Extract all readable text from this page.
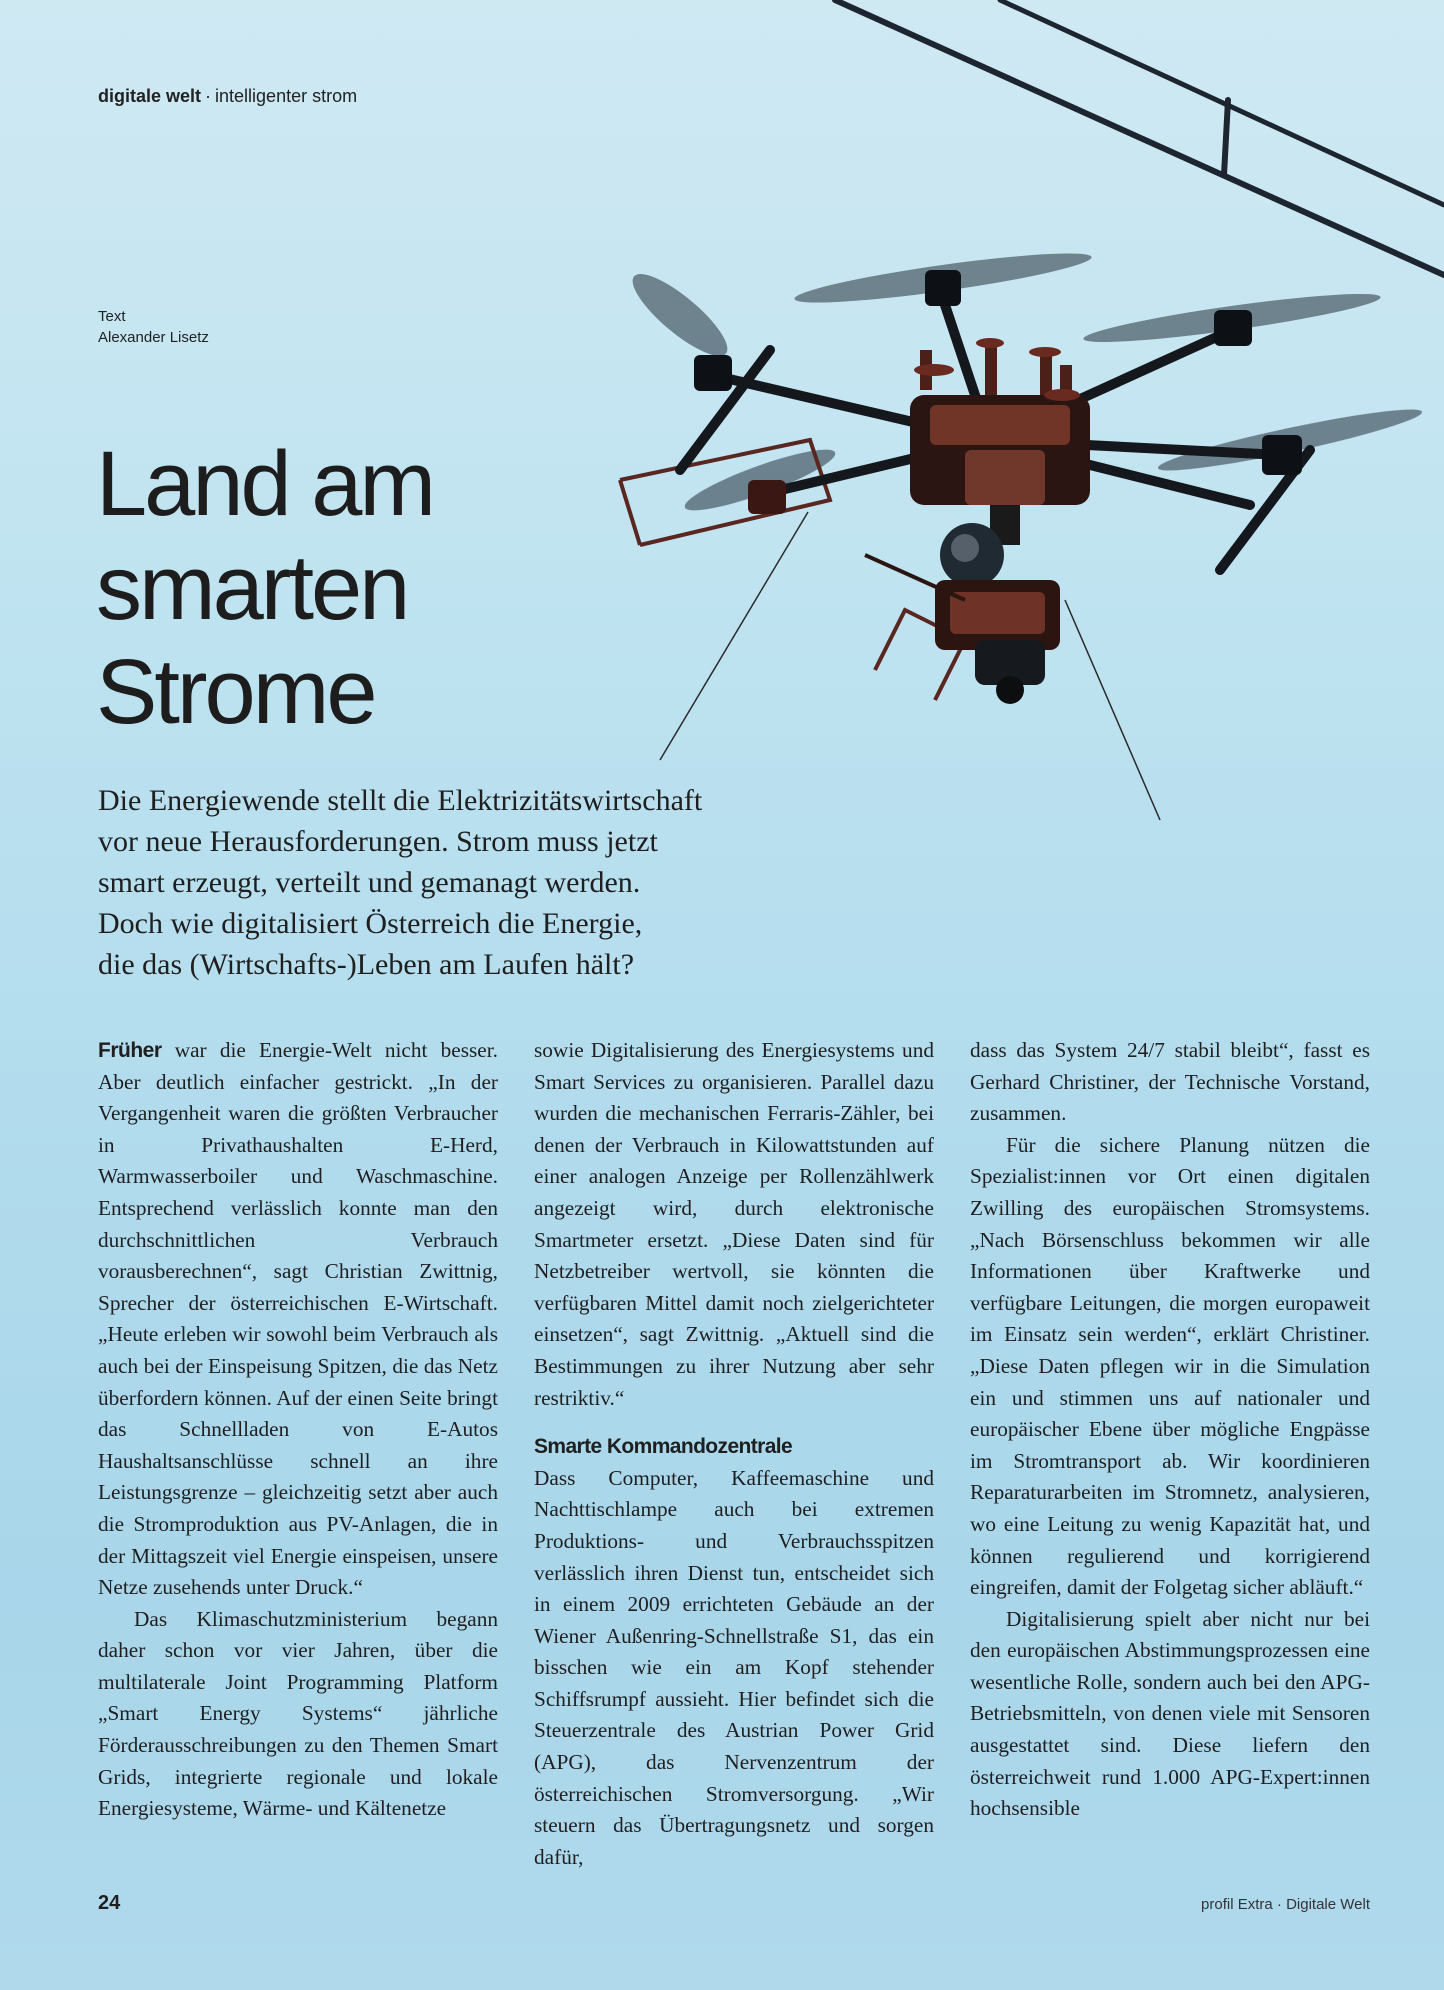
digitale welt · intelligenter strom
Text
Alexander Lisetz
Land am
smarten
Strome

Die Energiewende stellt die Elektrizitätswirtschaft
vor neue Herausforderungen. Strom muss jetzt
smart erzeugt, verteilt und gemanagt werden.
Doch wie digitalisiert Österreich die Energie,
die das (Wirtschafts-)Leben am Laufen hält?

Früher war die Energie-Welt nicht besser. Aber deutlich einfacher gestrickt. „In der Vergangenheit waren die größten Verbraucher in Privathaushalten E-Herd, Warmwasserboiler und Waschmaschine. Entsprechend verlässlich konnte man den durchschnittlichen Verbrauch vorausberechnen“, sagt Christian Zwittnig, Sprecher der österreichischen E-Wirtschaft. „Heute erleben wir sowohl beim Verbrauch als auch bei der Einspeisung Spitzen, die das Netz überfordern können. Auf der einen Seite bringt das Schnellladen von E-Autos Haushaltsanschlüsse schnell an ihre Leistungsgrenze – gleichzeitig setzt aber auch die Stromproduktion aus PV-Anlagen, die in der Mittagszeit viel Energie einspeisen, unsere Netze zusehends unter Druck.“

Das Klimaschutzministerium begann daher schon vor vier Jahren, über die multilaterale Joint Programming Platform „Smart Energy Systems“ jährliche Förderausschreibungen zu den Themen Smart Grids, integrierte regionale und lokale Energiesysteme, Wärme- und Kältenetze

sowie Digitalisierung des Energiesystems und Smart Services zu organisieren. Parallel dazu wurden die mechanischen Ferraris-Zähler, bei denen der Verbrauch in Kilowattstunden auf einer analogen Anzeige per Rollenzählwerk angezeigt wird, durch elektronische Smartmeter ersetzt. „Diese Daten sind für Netzbetreiber wertvoll, sie könnten die verfügbaren Mittel damit noch zielgerichteter einsetzen“, sagt Zwittnig. „Aktuell sind die Bestimmungen zu ihrer Nutzung aber sehr restriktiv.“

Smarte Kommandozentrale

Dass Computer, Kaffeemaschine und Nachttischlampe auch bei extremen Produktions- und Verbrauchsspitzen verlässlich ihren Dienst tun, entscheidet sich in einem 2009 errichteten Gebäude an der Wiener Außenring-Schnellstraße S1, das ein bisschen wie ein am Kopf stehender Schiffsrumpf aussieht. Hier befindet sich die Steuerzentrale des Austrian Power Grid (APG), das Nervenzentrum der österreichischen Stromversorgung. „Wir steuern das Übertragungsnetz und sorgen dafür,

dass das System 24/7 stabil bleibt“, fasst es Gerhard Christiner, der Technische Vorstand, zusammen.

Für die sichere Planung nützen die Spezialist:innen vor Ort einen digitalen Zwilling des europäischen Stromsystems. „Nach Börsenschluss bekommen wir alle Informationen über Kraftwerke und verfügbare Leitungen, die morgen europaweit im Einsatz sein werden“, erklärt Christiner. „Diese Daten pflegen wir in die Simulation ein und stimmen uns auf nationaler und europäischer Ebene über mögliche Engpässe im Stromtransport ab. Wir koordinieren Reparaturarbeiten im Stromnetz, analysieren, wo eine Leitung zu wenig Kapazität hat, und können regulierend und korrigierend eingreifen, damit der Folgetag sicher abläuft.“

Digitalisierung spielt aber nicht nur bei den europäischen Abstimmungsprozessen eine wesentliche Rolle, sondern auch bei den APG-Betriebsmitteln, von denen viele mit Sensoren ausgestattet sind. Diese liefern den österreichweit rund 1.000 APG-Expert:innen hochsensible

24	profil Extra · Digitale Welt
